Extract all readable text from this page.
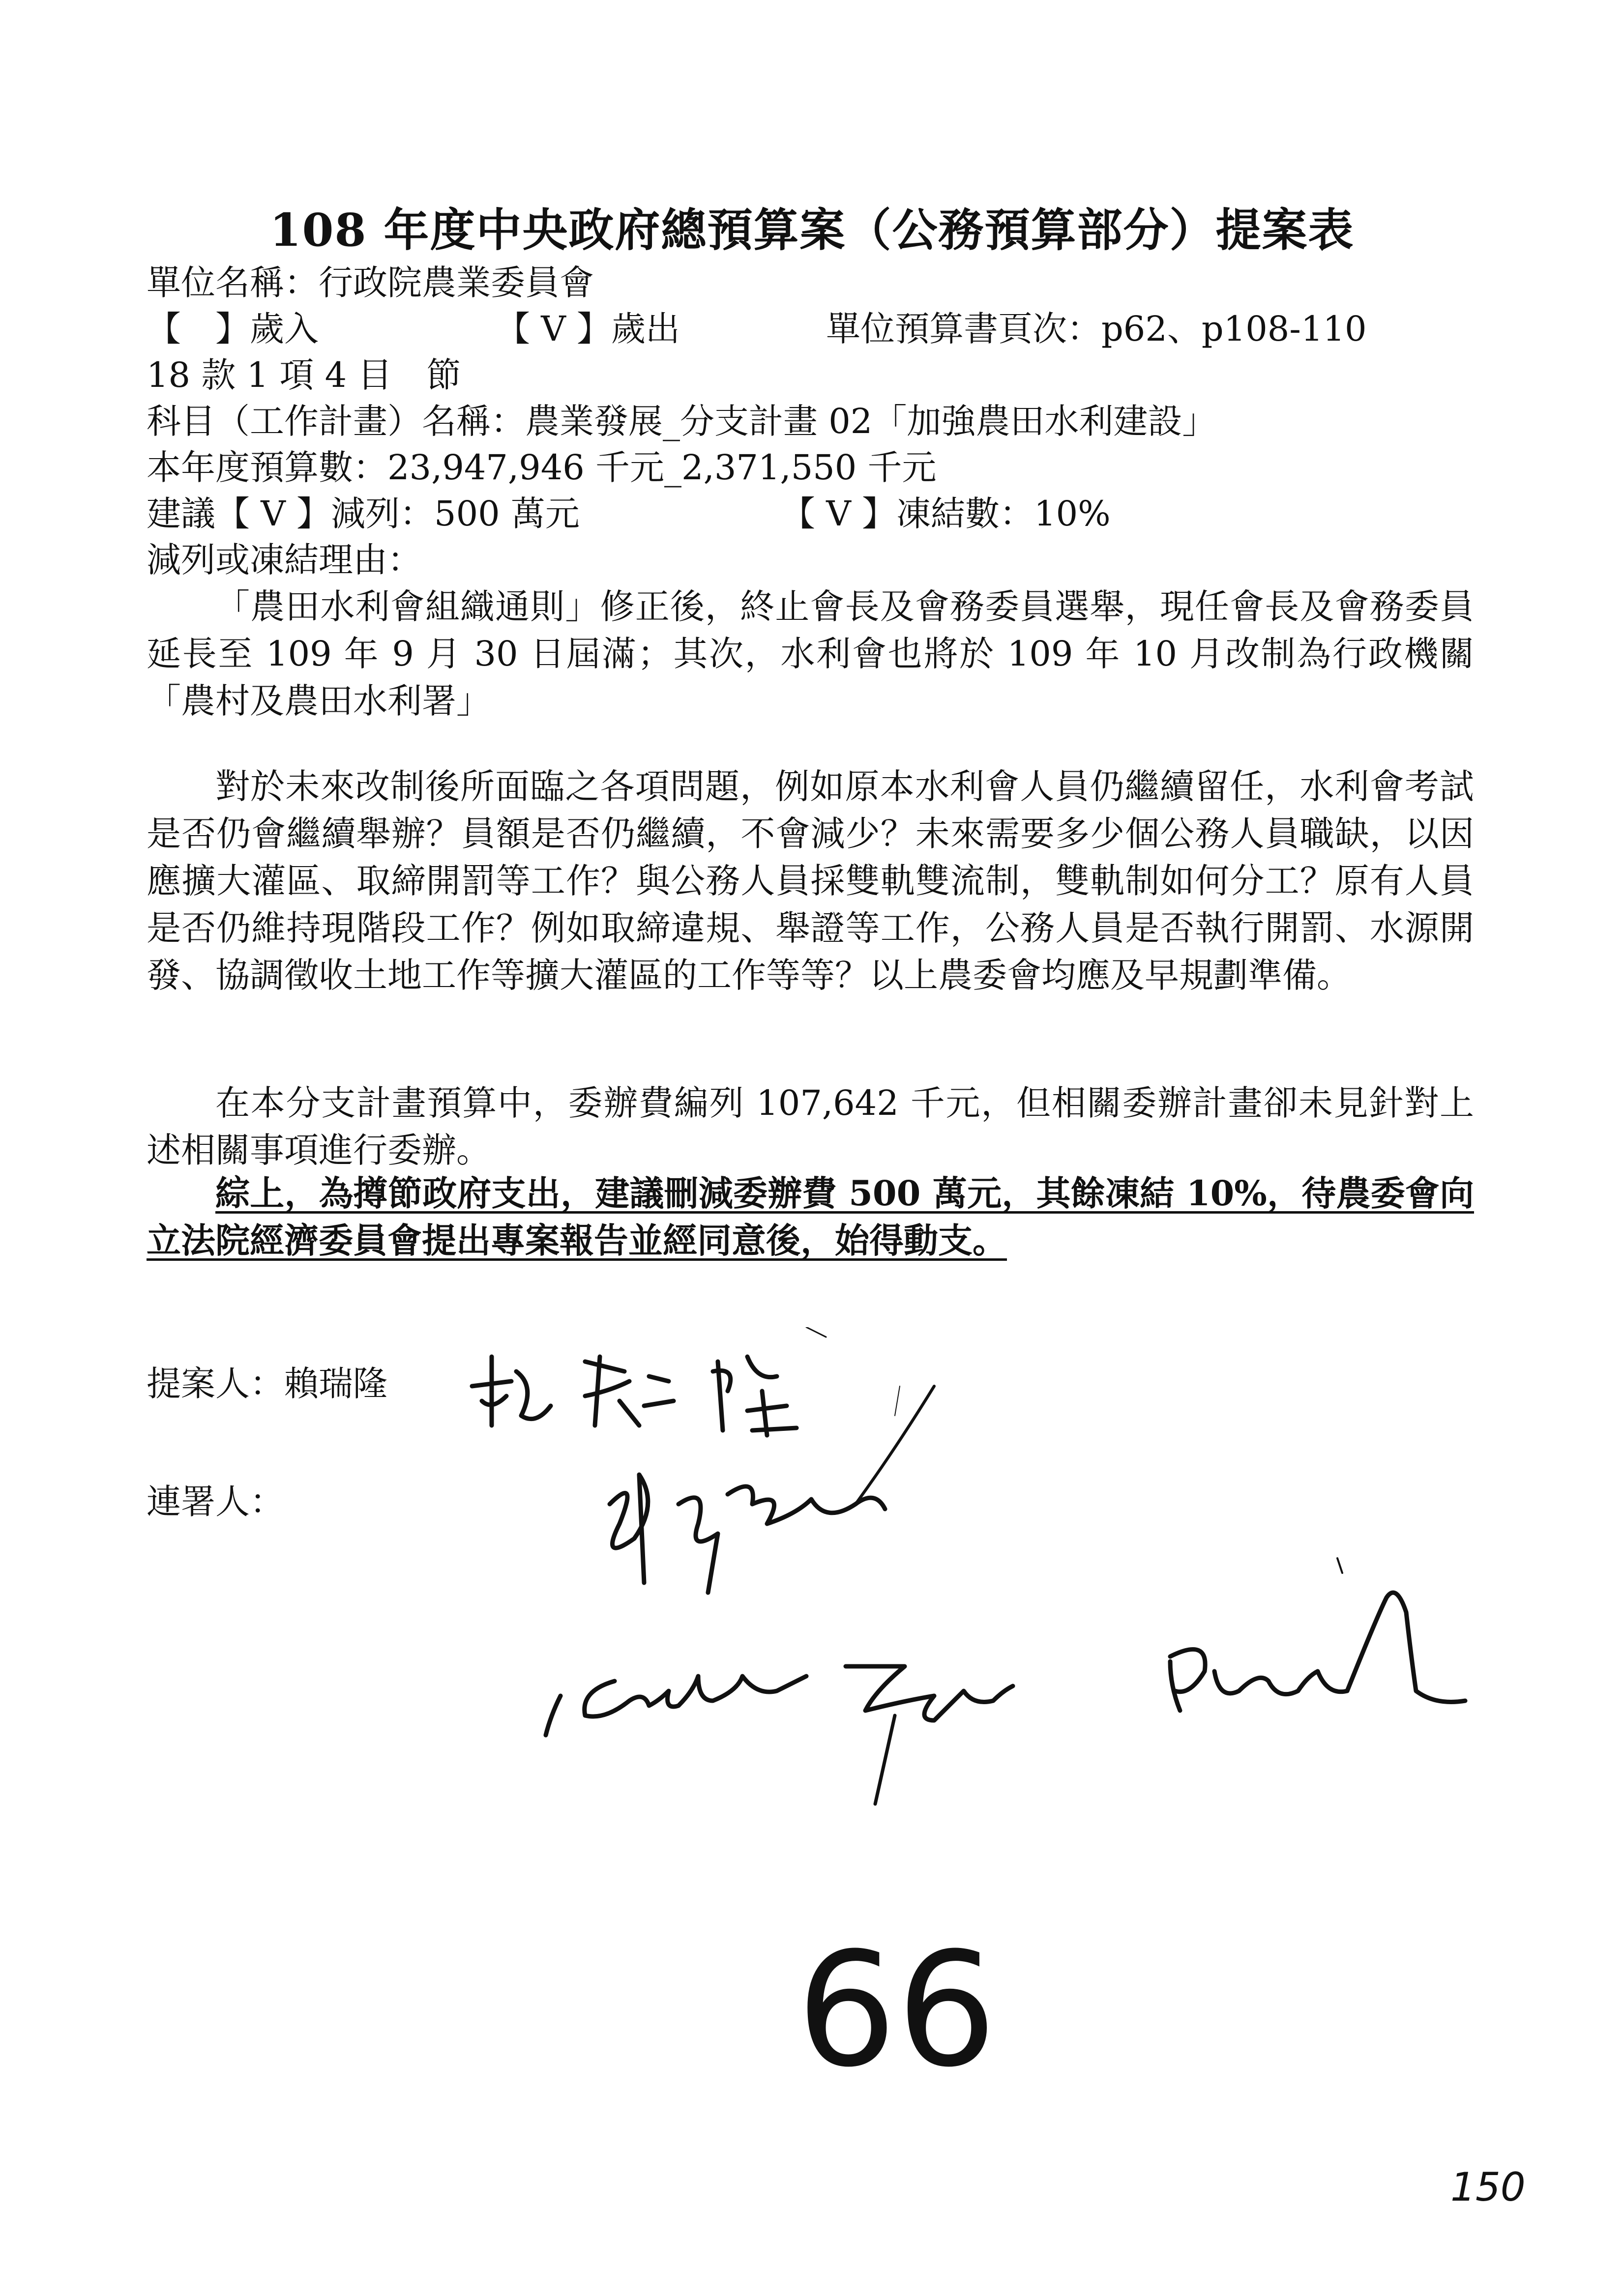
108 年度中央政府總預算案（公務預算部分）提案表
單位名稱：行政院農業委員會
【　】歲入	【 V 】歲出	單位預算書頁次：p62、p108-110
18 款 1 項 4 目　節
科目（工作計畫）名稱：農業發展_分支計畫 02「加強農田水利建設」
本年度預算數：23,947,946 千元_2,371,550 千元
建議【 V 】減列：500 萬元	【 V 】凍結數：10%
減列或凍結理由：
「農田水利會組織通則」修正後，終止會長及會務委員選舉，現任會長及會務委員延長至 109 年 9 月 30 日屆滿；其次，水利會也將於 109 年 10 月改制為行政機關「農村及農田水利署」
對於未來改制後所面臨之各項問題，例如原本水利會人員仍繼續留任，水利會考試是否仍會繼續舉辦？員額是否仍繼續，不會減少？未來需要多少個公務人員職缺，以因應擴大灌區、取締開罰等工作？與公務人員採雙軌雙流制，雙軌制如何分工？原有人員是否仍維持現階段工作？例如取締違規、舉證等工作，公務人員是否執行開罰、水源開發、協調徵收土地工作等擴大灌區的工作等等？以上農委會均應及早規劃準備。
在本分支計畫預算中，委辦費編列 107,642 千元，但相關委辦計畫卻未見針對上述相關事項進行委辦。
綜上，為撙節政府支出，建議刪減委辦費 500 萬元，其餘凍結 10%，待農委會向立法院經濟委員會提出專案報告並經同意後，始得動支。
提案人：賴瑞隆
連署人：
66
150
